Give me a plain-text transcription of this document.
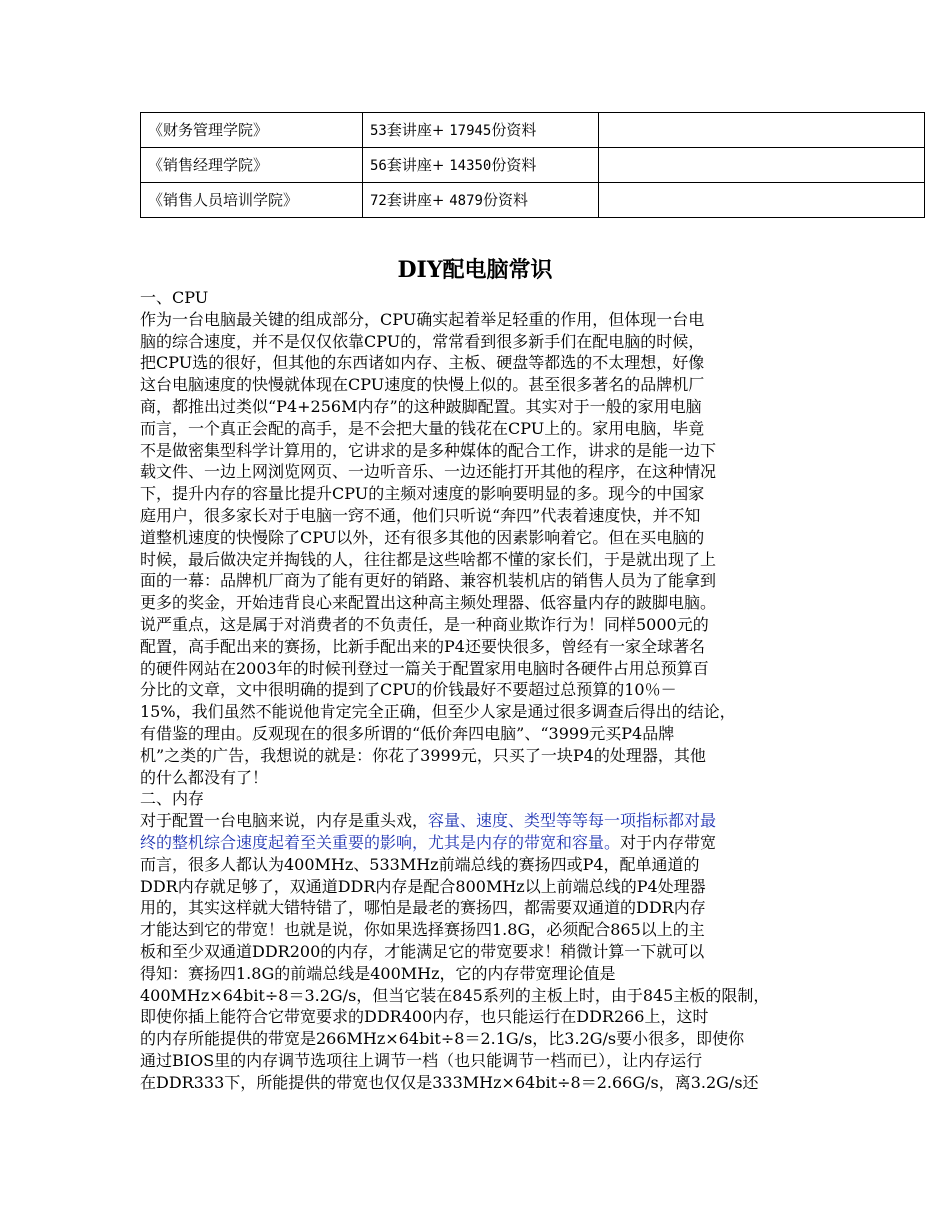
《财务管理学院》	53套讲座+ 17945份资料	
《销售经理学院》	56套讲座+ 14350份资料	
《销售人员培训学院》	72套讲座+ 4879份资料	
DIY配电脑常识

一、CPU

作为一台电脑最关键的组成部分，CPU确实起着举足轻重的作用，但体现一台电

脑的综合速度，并不是仅仅依靠CPU的，常常看到很多新手们在配电脑的时候，

把CPU选的很好，但其他的东西诸如内存、主板、硬盘等都选的不太理想，好像

这台电脑速度的快慢就体现在CPU速度的快慢上似的。甚至很多著名的品牌机厂

商，都推出过类似“P4+256M内存”的这种跛脚配置。其实对于一般的家用电脑

而言，一个真正会配的高手，是不会把大量的钱花在CPU上的。家用电脑，毕竟

不是做密集型科学计算用的，它讲求的是多种媒体的配合工作，讲求的是能一边下

载文件、一边上网浏览网页、一边听音乐、一边还能打开其他的程序，在这种情况

下，提升内存的容量比提升CPU的主频对速度的影响要明显的多。现今的中国家

庭用户，很多家长对于电脑一窍不通，他们只听说“奔四”代表着速度快，并不知

道整机速度的快慢除了CPU以外，还有很多其他的因素影响着它。但在买电脑的

时候，最后做决定并掏钱的人，往往都是这些啥都不懂的家长们，于是就出现了上

面的一幕：品牌机厂商为了能有更好的销路、兼容机装机店的销售人员为了能拿到

更多的奖金，开始违背良心来配置出这种高主频处理器、低容量内存的跛脚电脑。

说严重点，这是属于对消费者的不负责任，是一种商业欺诈行为！同样5000元的

配置，高手配出来的赛扬，比新手配出来的P4还要快很多，曾经有一家全球著名

的硬件网站在2003年的时候刊登过一篇关于配置家用电脑时各硬件占用总预算百

分比的文章，文中很明确的提到了CPU的价钱最好不要超过总预算的10％－

15%，我们虽然不能说他肯定完全正确，但至少人家是通过很多调查后得出的结论，

有借鉴的理由。反观现在的很多所谓的“低价奔四电脑”、“3999元买P4品牌

机”之类的广告，我想说的就是：你花了3999元，只买了一块P4的处理器，其他

的什么都没有了！

二、内存

对于配置一台电脑来说，内存是重头戏，容量、速度、类型等等每一项指标都对最

终的整机综合速度起着至关重要的影响，尤其是内存的带宽和容量。对于内存带宽

而言，很多人都认为400MHz、533MHz前端总线的赛扬四或P4，配单通道的

DDR内存就足够了，双通道DDR内存是配合800MHz以上前端总线的P4处理器

用的，其实这样就大错特错了，哪怕是最老的赛扬四，都需要双通道的DDR内存

才能达到它的带宽！也就是说，你如果选择赛扬四1.8G，必须配合865以上的主

板和至少双通道DDR200的内存，才能满足它的带宽要求！稍微计算一下就可以

得知：赛扬四1.8G的前端总线是400MHz，它的内存带宽理论值是

400MHz×64bit÷8＝3.2G/s，但当它装在845系列的主板上时，由于845主板的限制，

即使你插上能符合它带宽要求的DDR400内存，也只能运行在DDR266上，这时

的内存所能提供的带宽是266MHz×64bit÷8＝2.1G/s，比3.2G/s要小很多，即使你

通过BIOS里的内存调节选项往上调节一档（也只能调节一档而已），让内存运行

在DDR333下，所能提供的带宽也仅仅是333MHz×64bit÷8＝2.66G/s，离3.2G/s还
